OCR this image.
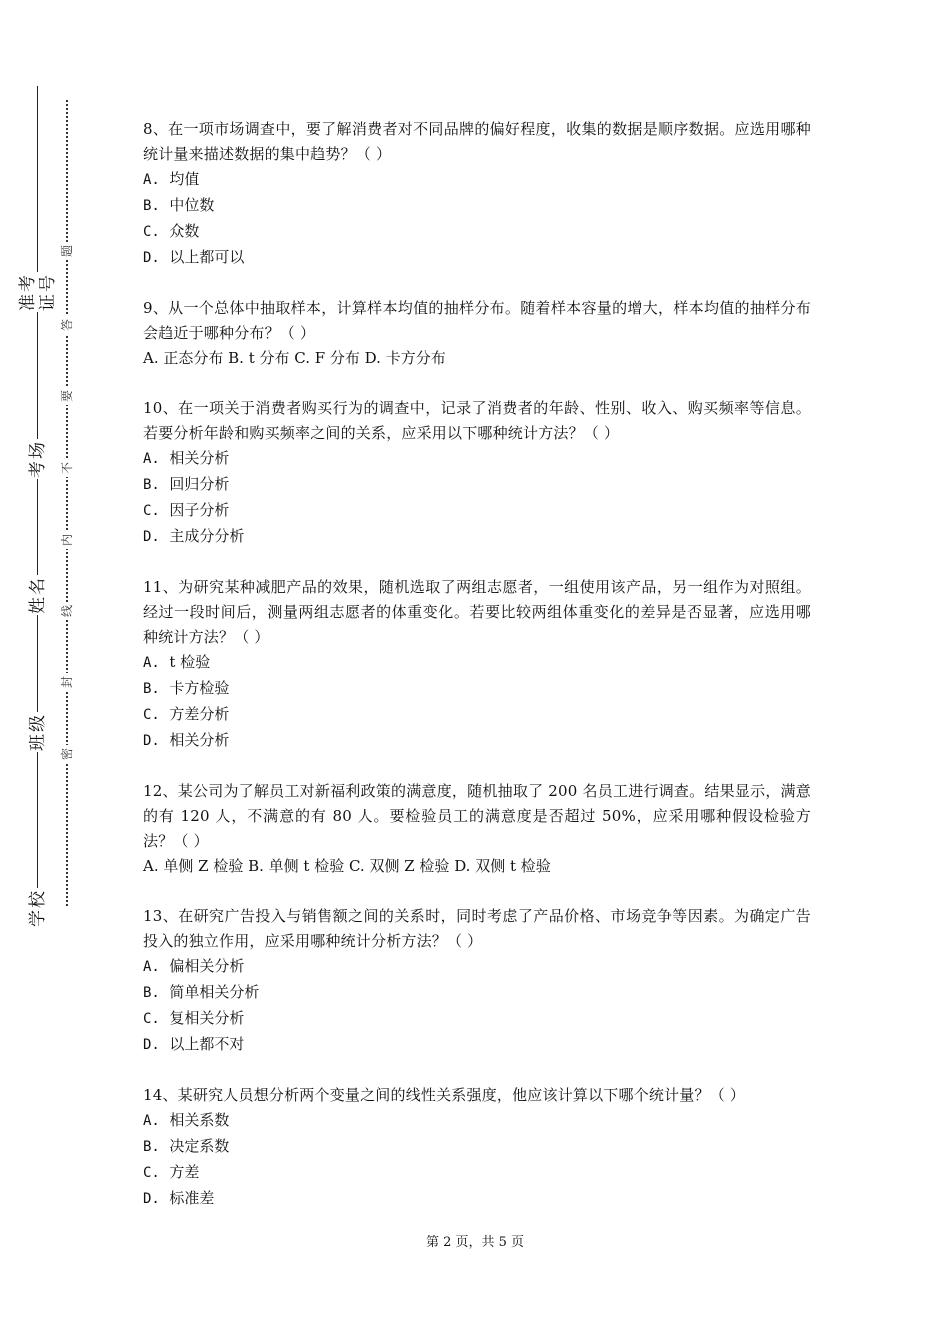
准考证号
考场
姓名
班级
学校
题
答
要
不
内
线
封
密

8、在一项市场调查中，要了解消费者对不同品牌的偏好程度，收集的数据是顺序数据。应选用哪种统计量来描述数据的集中趋势？（ ）

A. 均值

B. 中位数

C. 众数

D. 以上都可以

9、从一个总体中抽取样本，计算样本均值的抽样分布。随着样本容量的增大，样本均值的抽样分布会趋近于哪种分布？（ ）

A. 正态分布 B. t 分布 C. F 分布 D. 卡方分布

10、在一项关于消费者购买行为的调查中，记录了消费者的年龄、性别、收入、购买频率等信息。若要分析年龄和购买频率之间的关系，应采用以下哪种统计方法？（ ）

A. 相关分析

B. 回归分析

C. 因子分析

D. 主成分分析

11、为研究某种减肥产品的效果，随机选取了两组志愿者，一组使用该产品，另一组作为对照组。经过一段时间后，测量两组志愿者的体重变化。若要比较两组体重变化的差异是否显著，应选用哪种统计方法？（ ）

A. t 检验

B. 卡方检验

C. 方差分析

D. 相关分析

12、某公司为了解员工对新福利政策的满意度，随机抽取了 200 名员工进行调查。结果显示，满意的有 120 人，不满意的有 80 人。要检验员工的满意度是否超过 50%，应采用哪种假设检验方法？（ ）

A. 单侧 Z 检验 B. 单侧 t 检验 C. 双侧 Z 检验 D. 双侧 t 检验

13、在研究广告投入与销售额之间的关系时，同时考虑了产品价格、市场竞争等因素。为确定广告投入的独立作用，应采用哪种统计分析方法？（ ）

A. 偏相关分析

B. 简单相关分析

C. 复相关分析

D. 以上都不对

14、某研究人员想分析两个变量之间的线性关系强度，他应该计算以下哪个统计量？（ ）

A. 相关系数

B. 决定系数

C. 方差

D. 标准差

第 2 页，共 5 页
